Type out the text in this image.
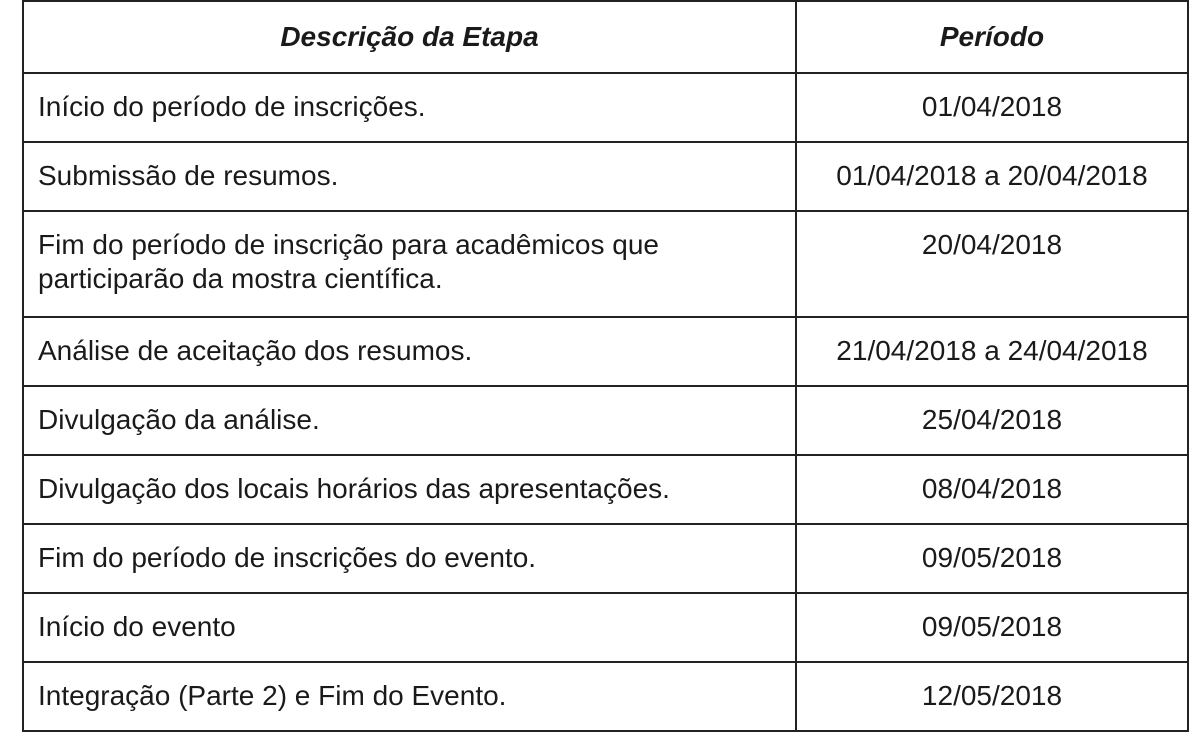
Descrição da Etapa	Período

Início do período de inscrições.	01/04/2018

Submissão de resumos.	01/04/2018 a 20/04/2018

Fim do período de inscrição para acadêmicos que participarão da mostra científica.	20/04/2018

Análise de aceitação dos resumos.	21/04/2018 a 24/04/2018

Divulgação da análise.	25/04/2018

Divulgação dos locais horários das apresentações.	08/04/2018

Fim do período de inscrições do evento.	09/05/2018

Início do evento	09/05/2018

Integração (Parte 2) e Fim do Evento.	12/05/2018
